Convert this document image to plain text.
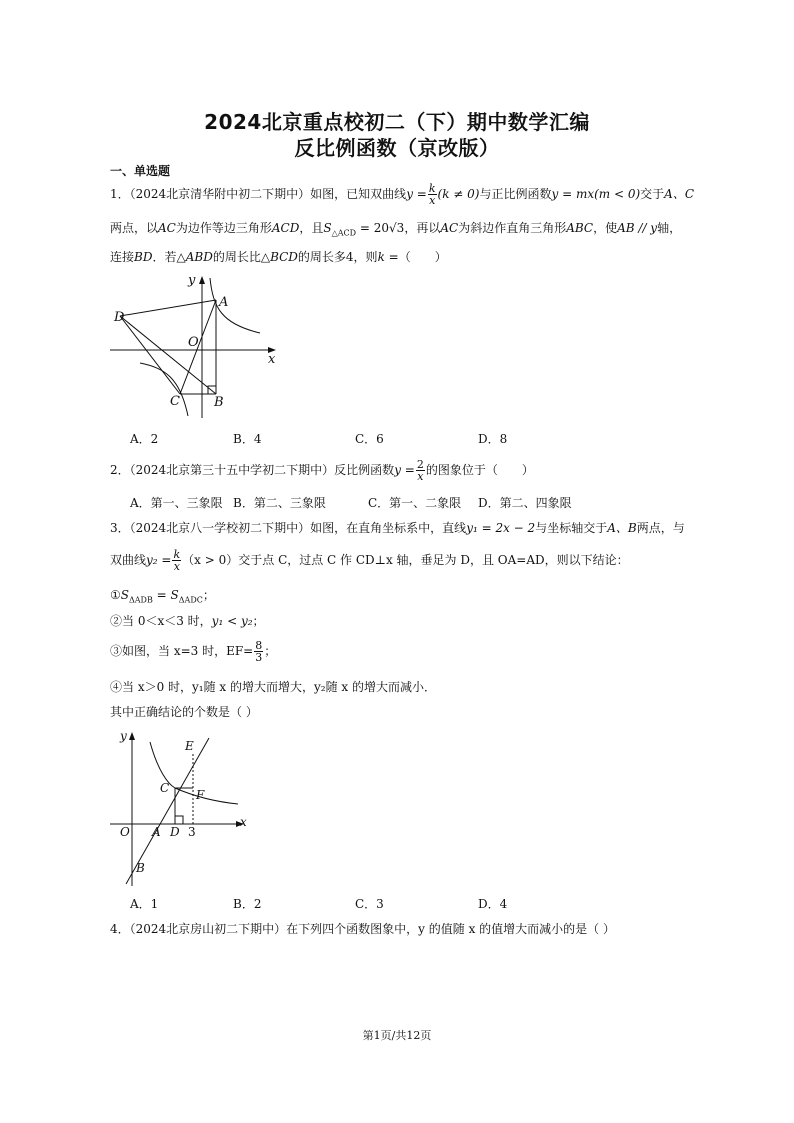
2024北京重点校初二（下）期中数学汇编
反比例函数（京改版）
一、单选题
1．（2024北京清华附中初二下期中）如图，已知双曲线$y = \frac{k}{x} (k \ne 0)$与正比例函数y = mx(m < 0)交于A、C
两点，以AC为边作等边三角形ACD，且$S_{\triangle ACD} = 20√3$，再以AC为斜边作直角三角形ABC，使AB // y轴，
连接BD．若△ABD的周长比△BCD的周长多4，则k =（　　）
D
A
O
x
y
C	B
A．2	B．4	C．6	D．8
2．（2024北京第三十五中学初二下期中）反比例函数$y = \frac{2}{x}$ 的图象位于（　　）
A．第一、三象限 B．第二、三象限	C．第一、二象限 D．第二、四象限
3．（2024北京八一学校初二下期中）如图，在直角坐标系中，直线y₁ = 2x − 2与坐标轴交于A、B两点，与
双曲线$y_2 = \frac{k}{x} (x > 0)$交于点 C，过点 C 作 CD⊥x 轴，垂足为 D，且 OA=AD，则以下结论：
$①S_{\Delta ADB} = S_{\Delta ADC}$；
②当 0＜x＜3 时，y₁ < y₂；
③如图，当 x=3 时，$EF= \frac{8}{3}$ ；
④当 x＞0 时，y₁随 x 的增大而增大，y₂随 x 的增大而减小．
其中正确结论的个数是（ ）
y
E
C F
O A D 3
x
B
A．1	B．2	C．3	D．4
4．（2024北京房山初二下期中）在下列四个函数图象中，y 的值随 x 的值增大而减小的是（ ）
第1页/共12页
